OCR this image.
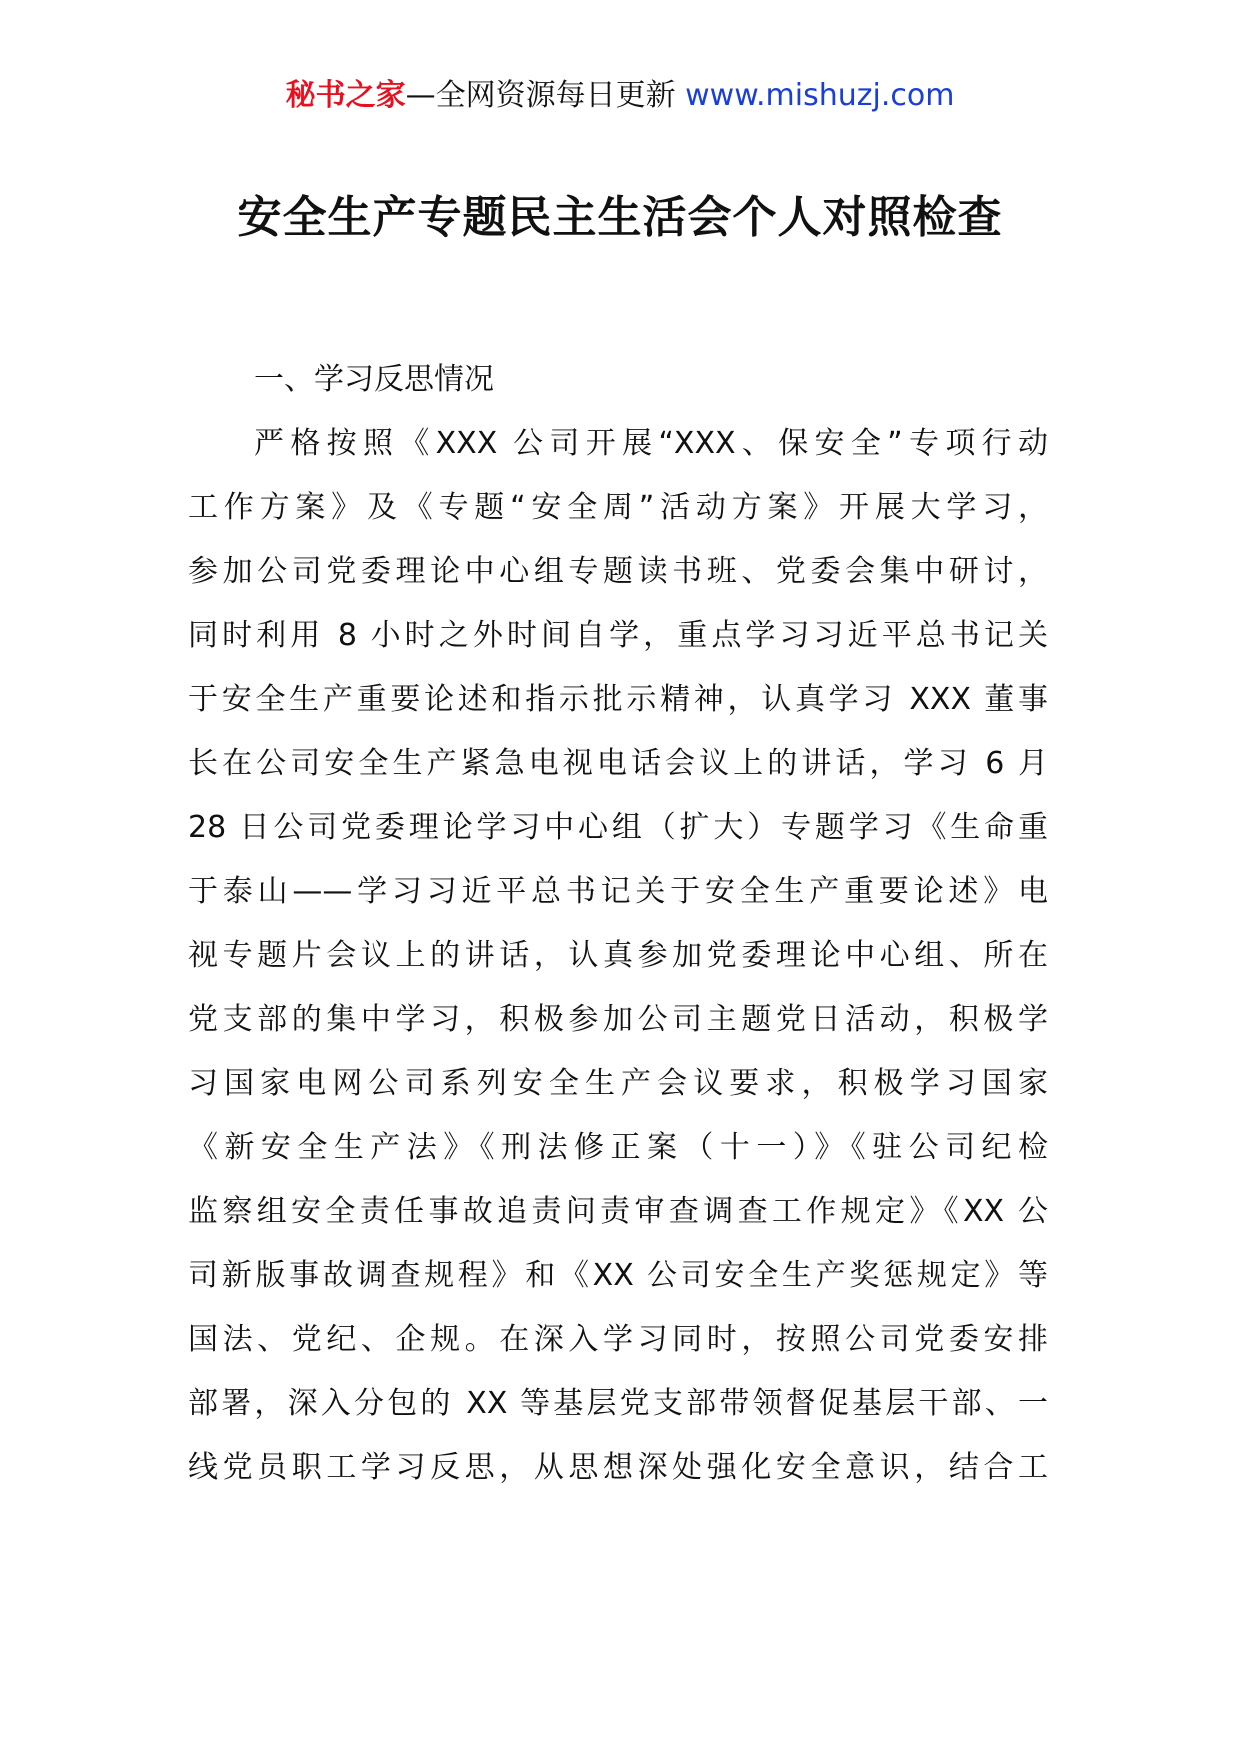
秘书之家—全网资源每日更新 www.mishuzj.com
安全生产专题民主生活会个人对照检查
一、学习反思情况
严格按照《XXX 公司开展“XXX、保安全”专项行动
工作方案》及《专题“安全周”活动方案》开展大学习，
参加公司党委理论中心组专题读书班、党委会集中研讨，
同时利用 8 小时之外时间自学，重点学习习近平总书记关
于安全生产重要论述和指示批示精神，认真学习 XXX 董事
长在公司安全生产紧急电视电话会议上的讲话，学习 6 月
28 日公司党委理论学习中心组（扩大）专题学习《生命重
于泰山——学习习近平总书记关于安全生产重要论述》电
视专题片会议上的讲话，认真参加党委理论中心组、所在
党支部的集中学习，积极参加公司主题党日活动，积极学
习国家电网公司系列安全生产会议要求，积极学习国家
《新安全生产法》《刑法修正案（十一）》《驻公司纪检
监察组安全责任事故追责问责审查调查工作规定》《XX 公
司新版事故调查规程》和《XX 公司安全生产奖惩规定》等
国法、党纪、企规。在深入学习同时，按照公司党委安排
部署，深入分包的 XX 等基层党支部带领督促基层干部、一
线党员职工学习反思，从思想深处强化安全意识，结合工
